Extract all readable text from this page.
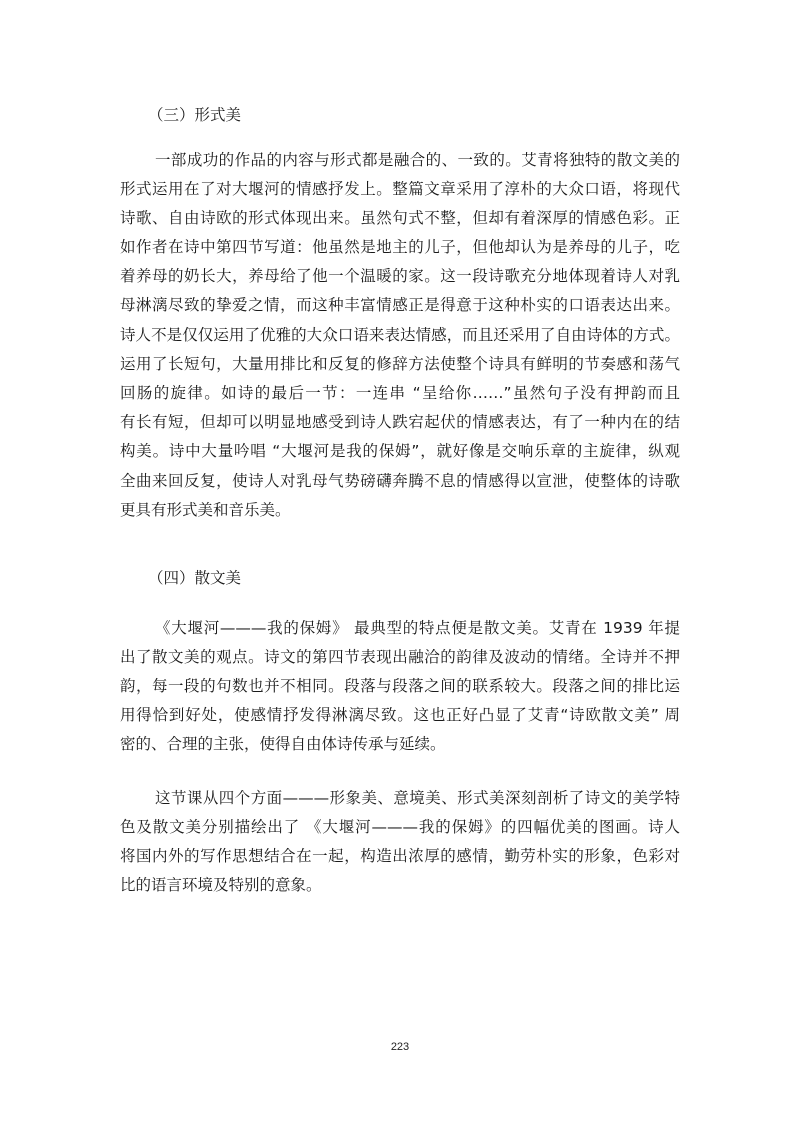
（三）形式美
一部成功的作品的内容与形式都是融合的、一致的。艾青将独特的散文美的
形式运用在了对大堰河的情感抒发上。整篇文章采用了淳朴的大众口语，将现代
诗歌、自由诗欧的形式体现出来。虽然句式不整，但却有着深厚的情感色彩。正
如作者在诗中第四节写道：他虽然是地主的儿子，但他却认为是养母的儿子，吃
着养母的奶长大，养母给了他一个温暖的家。这一段诗歌充分地体现着诗人对乳
母淋漓尽致的挚爱之情，而这种丰富情感正是得意于这种朴实的口语表达出来。
诗人不是仅仅运用了优雅的大众口语来表达情感，而且还采用了自由诗体的方式。
运用了长短句，大量用排比和反复的修辞方法使整个诗具有鲜明的节奏感和荡气
回肠的旋律。如诗的最后一节：一连串 “呈给你……”虽然句子没有押韵而且
有长有短，但却可以明显地感受到诗人跌宕起伏的情感表达，有了一种内在的结
构美。诗中大量吟唱 “大堰河是我的保姆”，就好像是交响乐章的主旋律，纵观
全曲来回反复，使诗人对乳母气势磅礴奔腾不息的情感得以宣泄，使整体的诗歌
更具有形式美和音乐美。
（四）散文美
《大堰河———我的保姆》 最典型的特点便是散文美。艾青在 1939 年提
出了散文美的观点。诗文的第四节表现出融洽的韵律及波动的情绪。全诗并不押
韵，每一段的句数也并不相同。段落与段落之间的联系较大。段落之间的排比运
用得恰到好处，使感情抒发得淋漓尽致。这也正好凸显了艾青“诗欧散文美” 周
密的、合理的主张，使得自由体诗传承与延续。
这节课从四个方面———形象美、意境美、形式美深刻剖析了诗文的美学特
色及散文美分别描绘出了 《大堰河———我的保姆》的四幅优美的图画。诗人
将国内外的写作思想结合在一起，构造出浓厚的感情，勤劳朴实的形象，色彩对
比的语言环境及特别的意象。
223
